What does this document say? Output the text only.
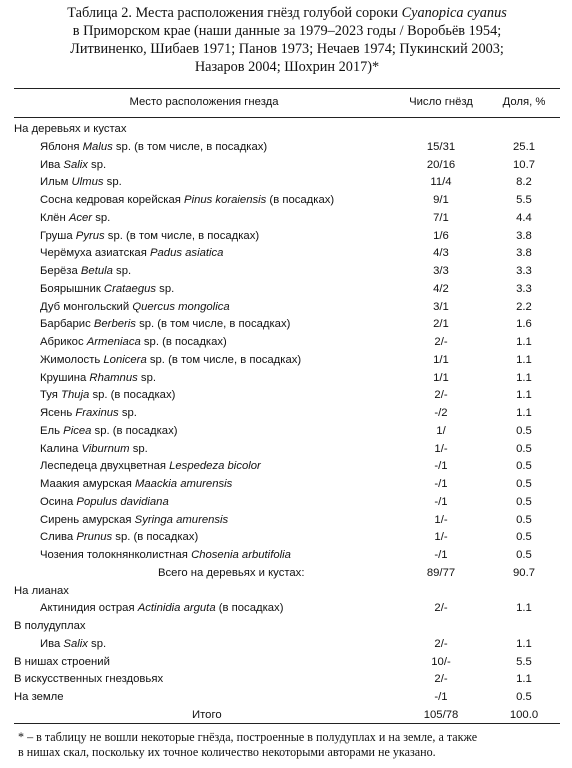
Таблица 2. Места расположения гнёзд голубой сороки Cyanopica cyanus
в Приморском крае (наши данные за 1979–2023 годы / Воробьёв 1954;
Литвиненко, Шибаев 1971; Панов 1973; Нечаев 1974; Пукинский 2003;
Назаров 2004; Шохрин 2017)*
Место расположения гнезда	Число гнёзд	Доля, %
На деревьях и кустах
Яблоня Malus sp. (в том числе, в посадках)	15/31	25.1
Ива Salix sp.	20/16	10.7
Ильм Ulmus sp.	11/4	8.2
Сосна кедровая корейская Pinus koraiensis (в посадках)	9/1	5.5
Клён Acer sp.	7/1	4.4
Груша Pyrus sp. (в том числе, в посадках)	1/6	3.8
Черёмуха азиатская Padus asiatica	4/3	3.8
Берёза Betula sp.	3/3	3.3
Боярышник Crataegus sp.	4/2	3.3
Дуб монгольский Quercus mongolica	3/1	2.2
Барбарис Berberis sp. (в том числе, в посадках)	2/1	1.6
Абрикос Armeniaca sp. (в посадках)	2/-	1.1
Жимолость Lonicera sp. (в том числе, в посадках)	1/1	1.1
Крушина Rhamnus sp.	1/1	1.1
Туя Thuja sp. (в посадках)	2/-	1.1
Ясень Fraxinus sp.	-/2	1.1
Ель Picea sp. (в посадках)	1/	0.5
Калина Viburnum sp.	1/-	0.5
Леспедеца двухцветная Lespedeza bicolor	-/1	0.5
Маакия амурская Maackia amurensis	-/1	0.5
Осина Populus davidiana	-/1	0.5
Сирень амурская Syringa amurensis	1/-	0.5
Слива Prunus sp. (в посадках)	1/-	0.5
Чозения толокнянколистная Chosenia arbutifolia	-/1	0.5
Всего на деревьях и кустах:	89/77	90.7
На лианах
Актинидия острая Actinidia arguta (в посадках)	2/-	1.1
В полудуплах
Ива Salix sp.	2/-	1.1
В нишах строений	10/-	5.5
В искусственных гнездовьях	2/-	1.1
На земле	-/1	0.5
Итого	105/78	100.0
* – в таблицу не вошли некоторые гнёзда, построенные в полудуплах и на земле, а также
в нишах скал, поскольку их точное количество некоторыми авторами не указано.
